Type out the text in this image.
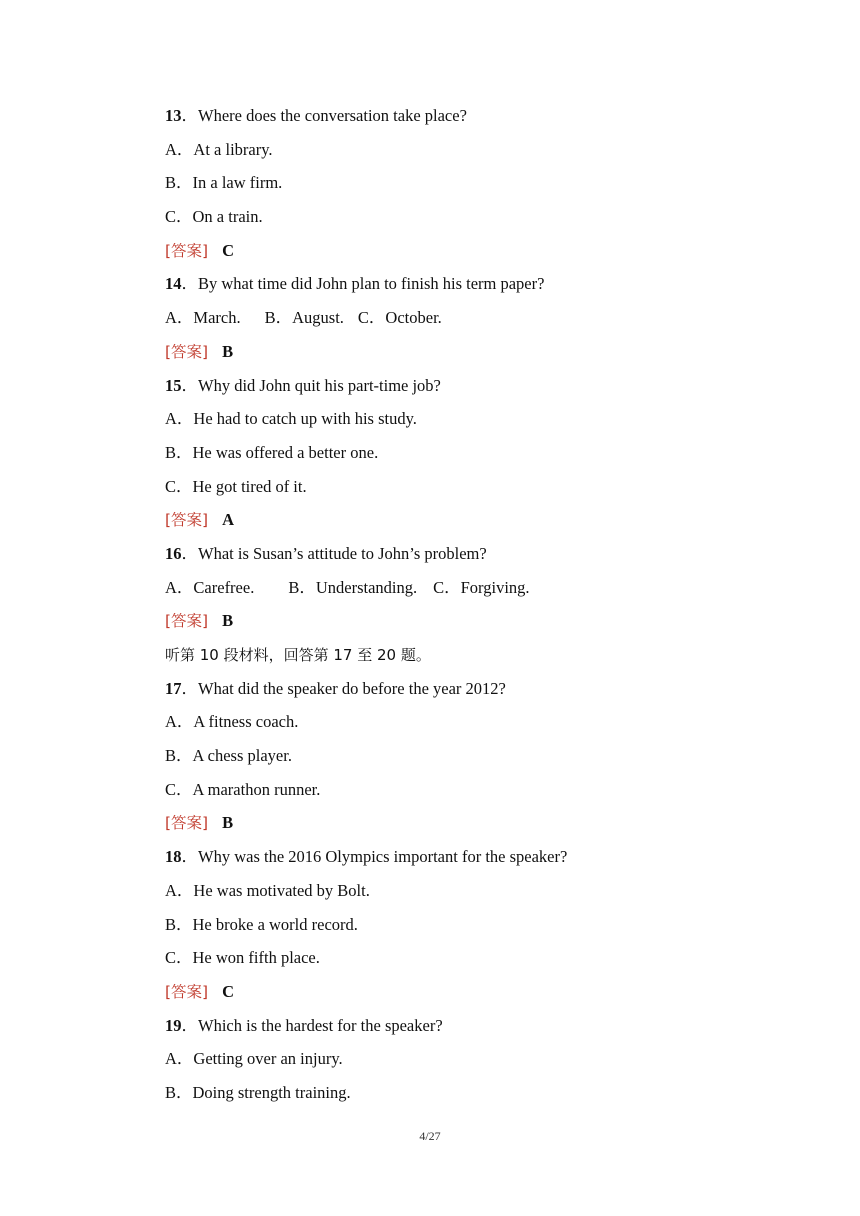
13．Where does the conversation take place?
A．At a library.
B．In a law firm.
C．On a train.
[答案] C
14．By what time did John plan to finish his term paper?
A．March. B．August. C．October.
[答案] B
15．Why did John quit his part-time job?
A．He had to catch up with his study.
B．He was offered a better one.
C．He got tired of it.
[答案] A
16．What is Susan’s attitude to John’s problem?
A．Carefree. B．Understanding. C．Forgiving.
[答案] B
听第 10 段材料，回答第 17 至 20 题。
17．What did the speaker do before the year 2012?
A．A fitness coach.
B．A chess player.
C．A marathon runner.
[答案] B
18．Why was the 2016 Olympics important for the speaker?
A．He was motivated by Bolt.
B．He broke a world record.
C．He won fifth place.
[答案] C
19．Which is the hardest for the speaker?
A．Getting over an injury.
B．Doing strength training.
4/27
